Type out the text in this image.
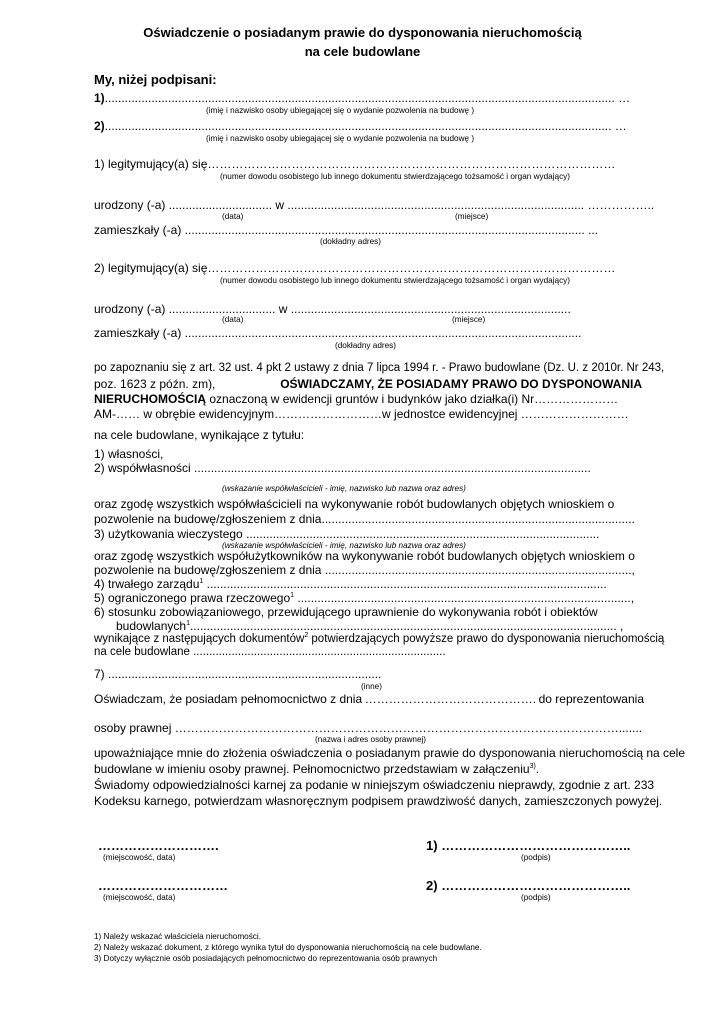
Oświadczenie o posiadanym prawie do dysponowania nieruchomością
na cele budowlane
My, niżej podpisani:
1)......................................................................................................................................................... …
(imię i nazwisko osoby ubiegającej się o wydanie pozwolenia na budowę )
2)........................................................................................................................................................ …
(imię i nazwisko osoby ubiegającej się o wydanie pozwolenia na budowę )
1) legitymujący(a) się…………………………………………………………………………………………
(numer dowodu osobistego lub innego dokumentu stwierdzającego tożsamość i organ wydający)
urodzony (-a) ............................... w ......................................................................................... ……………..
(data)	(miejsce)
zamieszkały (-a) ........................................................................................................................ ...
(dokładny adres)
2) legitymujący(a) się…………………………………………………………………………………………
(numer dowodu osobistego lub innego dokumentu stwierdzającego tożsamość i organ wydający)
urodzony (-a) ................................ w ....................................................................................
(data)	(miejsce)
zamieszkały (-a) .......................................................................................................................
(dokładny adres)
po zapoznaniu się z art. 32 ust. 4 pkt 2 ustawy z dnia 7 lipca 1994 r. - Prawo budowlane (Dz. U. z 2010r. Nr 243,
poz. 1623 z późn. zm),	OŚWIADCZAMY, ŻE POSIADAMY PRAWO DO DYSPONOWANIA
NIERUCHOMOŚCIĄ oznaczoną w ewidencji gruntów i budynków jako działka(i) Nr…………………
AM-…… w obrębie ewidencyjnym………………………w jednostce ewidencyjnej ………………………
na cele budowlane, wynikające z tytułu:
1) własności,
2) współwłasności .......................................................................................................................
(wskazanie współwłaścicieli - imię, nazwisko lub nazwa oraz adres)
oraz zgodę wszystkich współwłaścicieli na wykonywanie robót budowlanych objętych wnioskiem o
pozwolenie na budowę/zgłoszeniem z dnia..............................................................................................
3) użytkowania wieczystego ..........................................................................................................
(wskazanie współwłaścicieli - imię, nazwisko lub nazwa oraz adres)
oraz zgodę wszystkich współużytkowników na wykonywanie robót budowlanych objętych wnioskiem o
pozwolenie na budowę/zgłoszeniem z dnia ............................................................................................,
4) trwałego zarządu$^1$ ........................................................................................................................
5) ograniczonego prawa rzeczowego$^1$ ....................................................................................................,
6) stosunku zobowiązaniowego, przewidującego uprawnienie do wykonywania robót i obiektów
budowlanych$^1$................................................................................................................................ ,
wynikające z następujących dokumentów$^2$ potwierdzających powyższe prawo do dysponowania nieruchomością
na cele budowlane ...............................................................................
7) ..................................................................................
(inne)
Oświadczam, że posiadam pełnomocnictwo z dnia ……………………………………. do reprezentowania
osoby prawnej ………………………………………………………………………………………………….......
(nazwa i adres osoby prawnej)
upoważniające mnie do złożenia oświadczenia o posiadanym prawie do dysponowania nieruchomością na cele
budowlane w imieniu osoby prawnej. Pełnomocnictwo przedstawiam w załączeniu$^{3)}$.
Świadomy odpowiedzialności karnej za podanie w niniejszym oświadczeniu nieprawdy, zgodnie z art. 233
Kodeksu karnego, potwierdzam własnoręcznym podpisem prawdziwość danych, zamieszczonych powyżej.
……………………….
(miejscowość, data)
1) ……………………………………..
(podpis)
…………………………
(miejscowość, data)
2) ……………………………………..
(podpis)
1) Należy wskazać właściciela nieruchomości.
2) Należy wskazać dokument, z którego wynika tytuł do dysponowania nieruchomością na cele budowlane.
3) Dotyczy wyłącznie osób posiadających pełnomocnictwo do reprezentowania osób prawnych
